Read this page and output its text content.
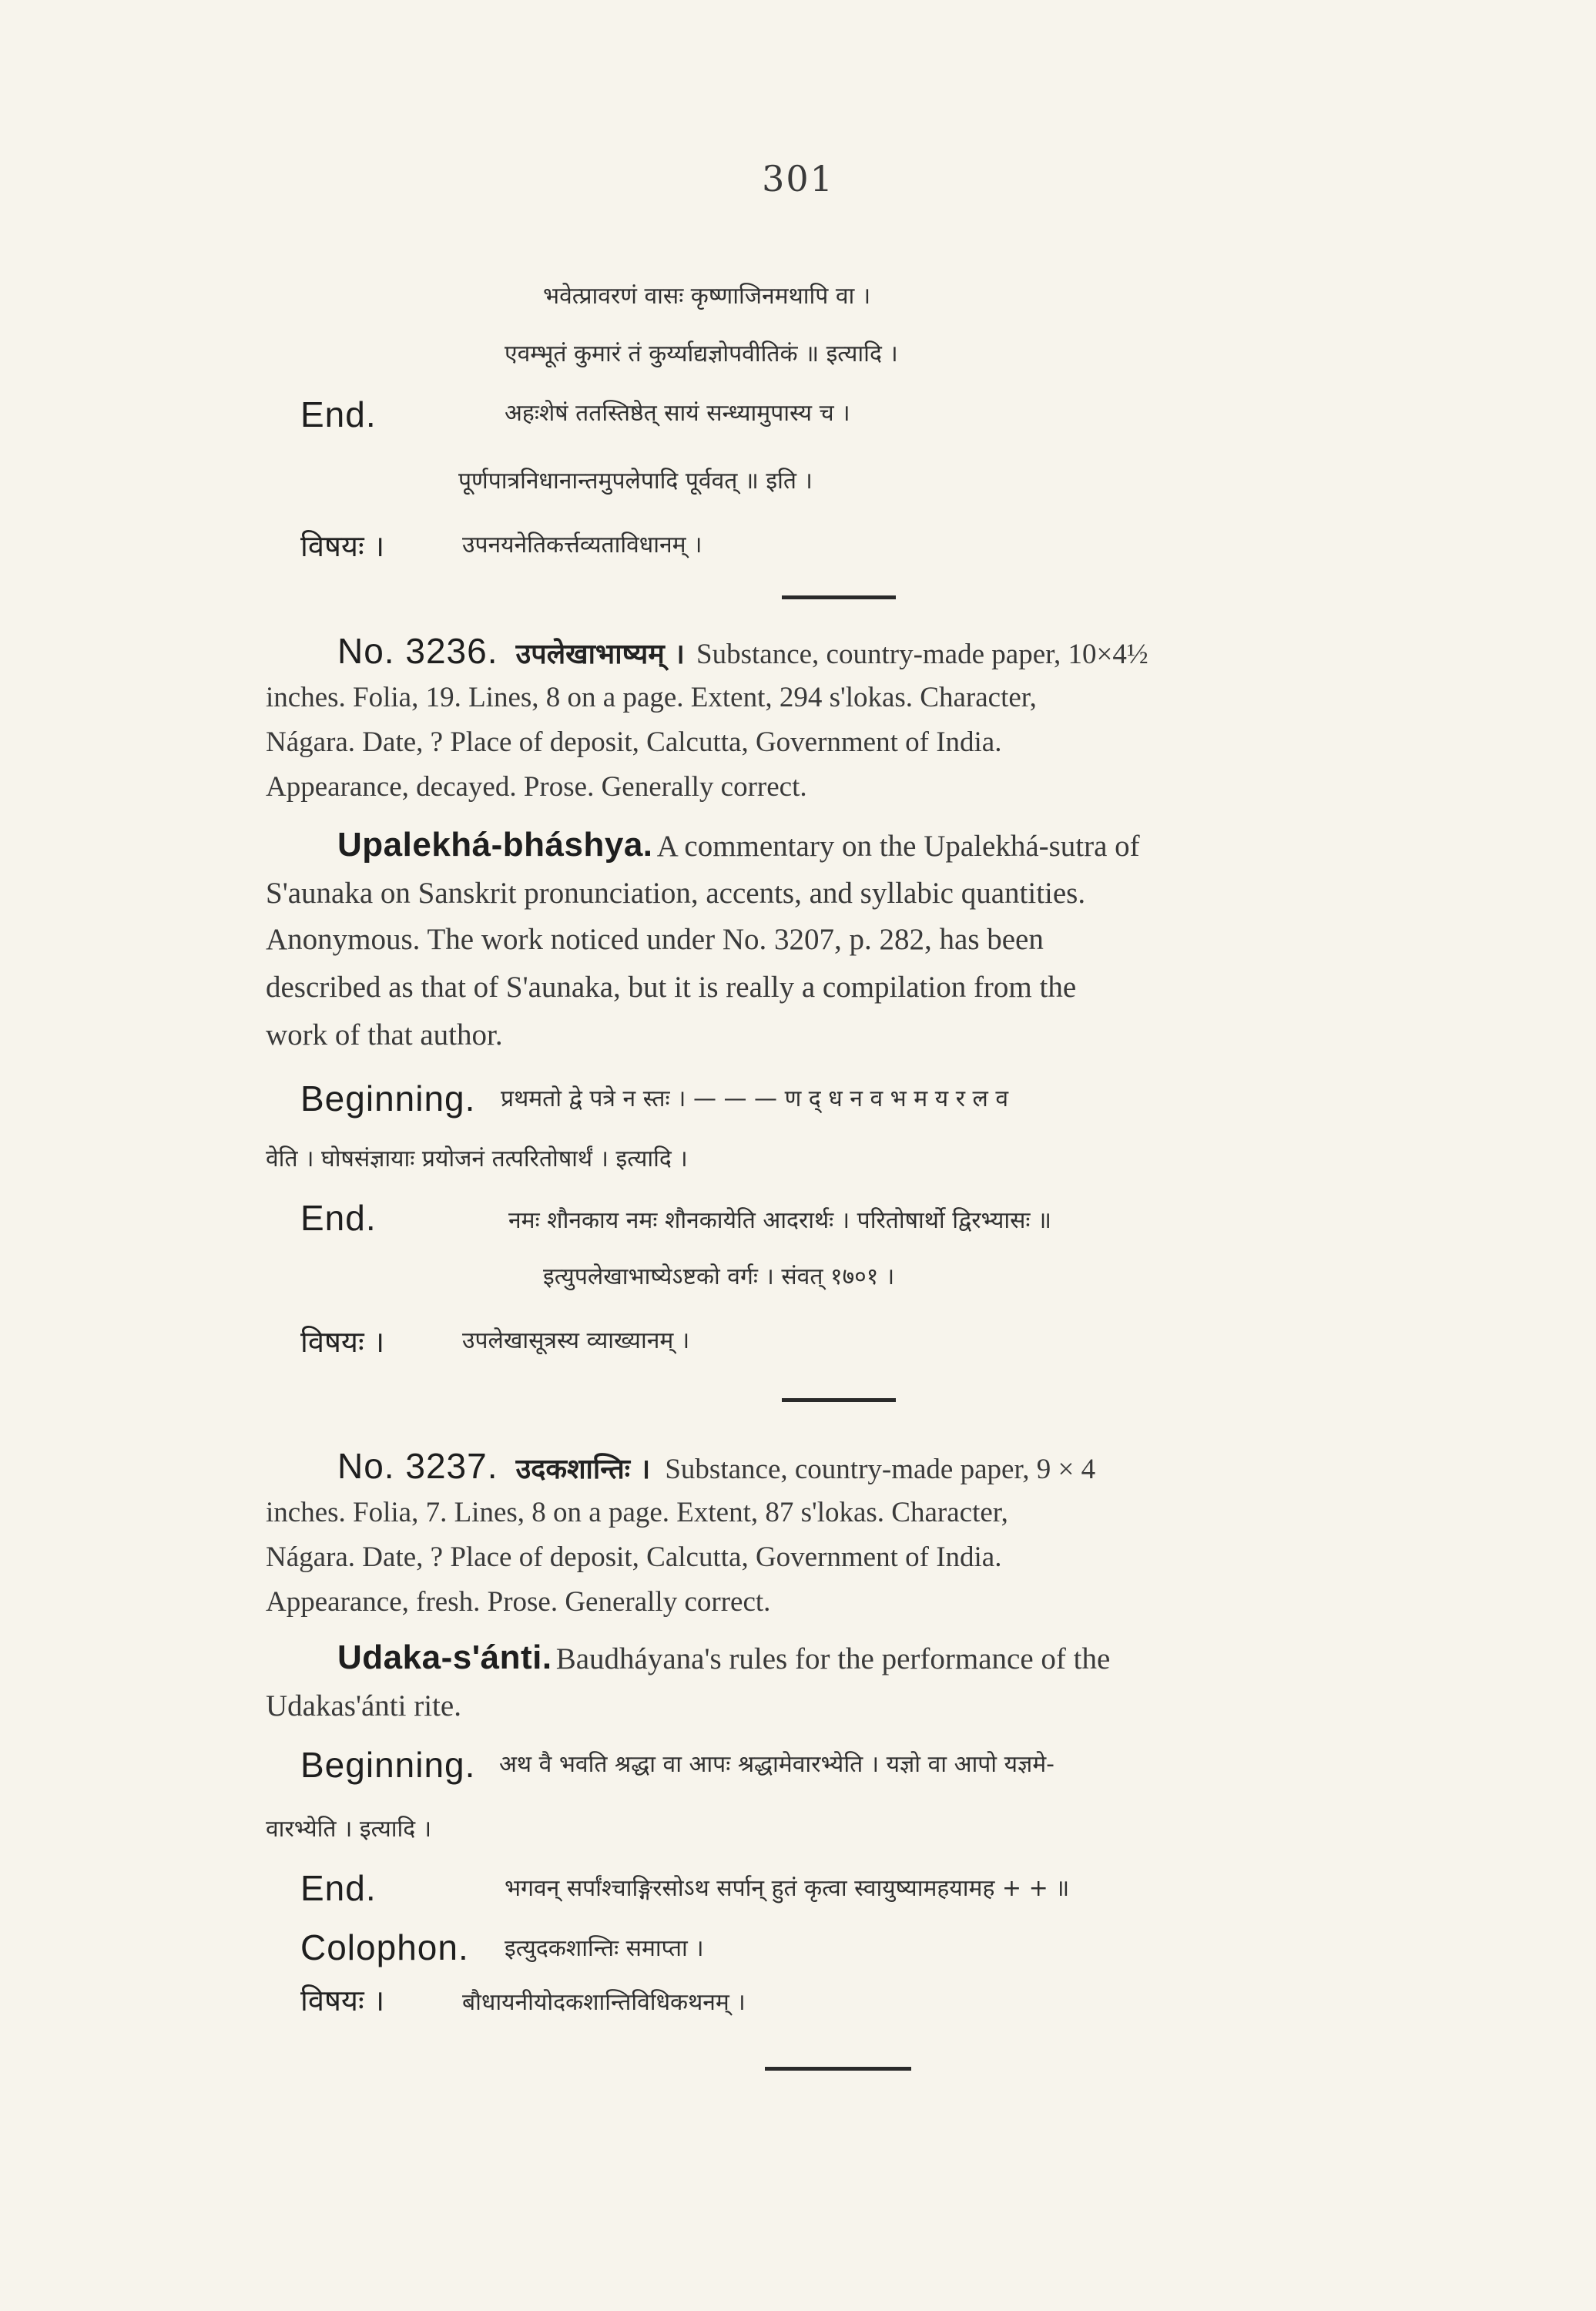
301
भवेत्प्रावरणं वासः कृष्णाजिनमथापि वा ।
एवम्भूतं कुमारं तं कुर्य्याद्यज्ञोपवीतिकं ॥ इत्यादि ।
End.	अहःशेषं ततस्तिष्ठेत् सायं सन्ध्यामुपास्य च ।
पूर्णपात्रनिधानान्तमुपलेपादि पूर्ववत् ॥ इति ।
विषयः ।	उपनयनेतिकर्त्तव्यताविधानम् ।
No. 3236. उपलेखाभाष्यम् । Substance, country-made paper, 10×4½
inches. Folia, 19. Lines, 8 on a page. Extent, 294 s'lokas. Character,
Nágara. Date, ? Place of deposit, Calcutta, Government of India.
Appearance, decayed. Prose. Generally correct.
Upalekhá-bháshya. A commentary on the Upalekhá-sutra of
S'aunaka on Sanskrit pronunciation, accents, and syllabic quantities.
Anonymous. The work noticed under No. 3207, p. 282, has been
described as that of S'aunaka, but it is really a compilation from the
work of that author.
Beginning. प्रथमतो द्वे पत्रे न स्तः । — — — ण द् ध न व भ म य र ल व
वेति । घोषसंज्ञायाः प्रयोजनं तत्परितोषार्थं । इत्यादि ।
End.	नमः शौनकाय नमः शौनकायेति आदरार्थः । परितोषार्थो द्विरभ्यासः ॥
इत्युपलेखाभाष्येऽष्टको वर्गः । संवत् १७०१ ।
विषयः ।	उपलेखासूत्रस्य व्याख्यानम् ।
No. 3237. उदकशान्तिः । Substance, country-made paper, 9 × 4
inches. Folia, 7. Lines, 8 on a page. Extent, 87 s'lokas. Character,
Nágara. Date, ? Place of deposit, Calcutta, Government of India.
Appearance, fresh. Prose. Generally correct.
Udaka-s'ánti. Baudháyana's rules for the performance of the
Udakas'ánti rite.
Beginning. अथ वै भवति श्रद्धा वा आपः श्रद्धामेवारभ्येति । यज्ञो वा आपो यज्ञमे-
वारभ्येति । इत्यादि ।
End.	भगवन् सर्पांश्चाङ्गिरसोऽथ सर्पान् हुतं कृत्वा स्वायुष्यामहयामह + + ॥
Colophon. इत्युदकशान्तिः समाप्ता ।
विषयः ।	बौधायनीयोदकशान्तिविधिकथनम् ।
